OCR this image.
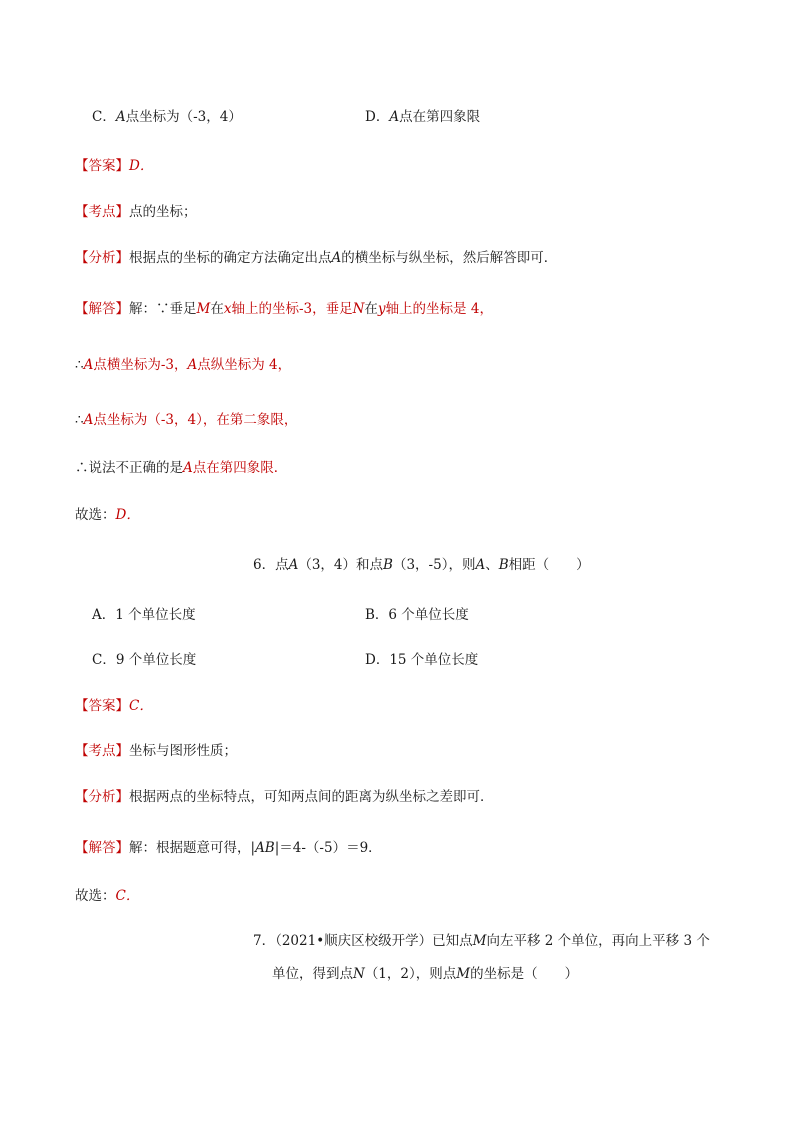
C．A点坐标为（-3，4）	D．A点在第四象限
【答案】D．
【考点】点的坐标；
【分析】根据点的坐标的确定方法确定出点A的横坐标与纵坐标，然后解答即可．
【解答】解：∵垂足M在x轴上的坐标-3，垂足N在y轴上的坐标是 4，
∴A点横坐标为-3，A点纵坐标为 4，
∴A点坐标为（-3，4），在第二象限，
∴说法不正确的是A点在第四象限．
故选：D．
6．点A（3，4）和点B（3，-5），则A、B相距（　　）
A．1 个单位长度	B．6 个单位长度
C．9 个单位长度	D．15 个单位长度
【答案】C．
【考点】坐标与图形性质；
【分析】根据两点的坐标特点，可知两点间的距离为纵坐标之差即可．
【解答】解：根据题意可得，|AB|＝4-（-5）＝9．
故选：C．
7．（2021•顺庆区校级开学）已知点M向左平移 2 个单位，再向上平移 3 个
单位，得到点N（1，2），则点M的坐标是（　　）
